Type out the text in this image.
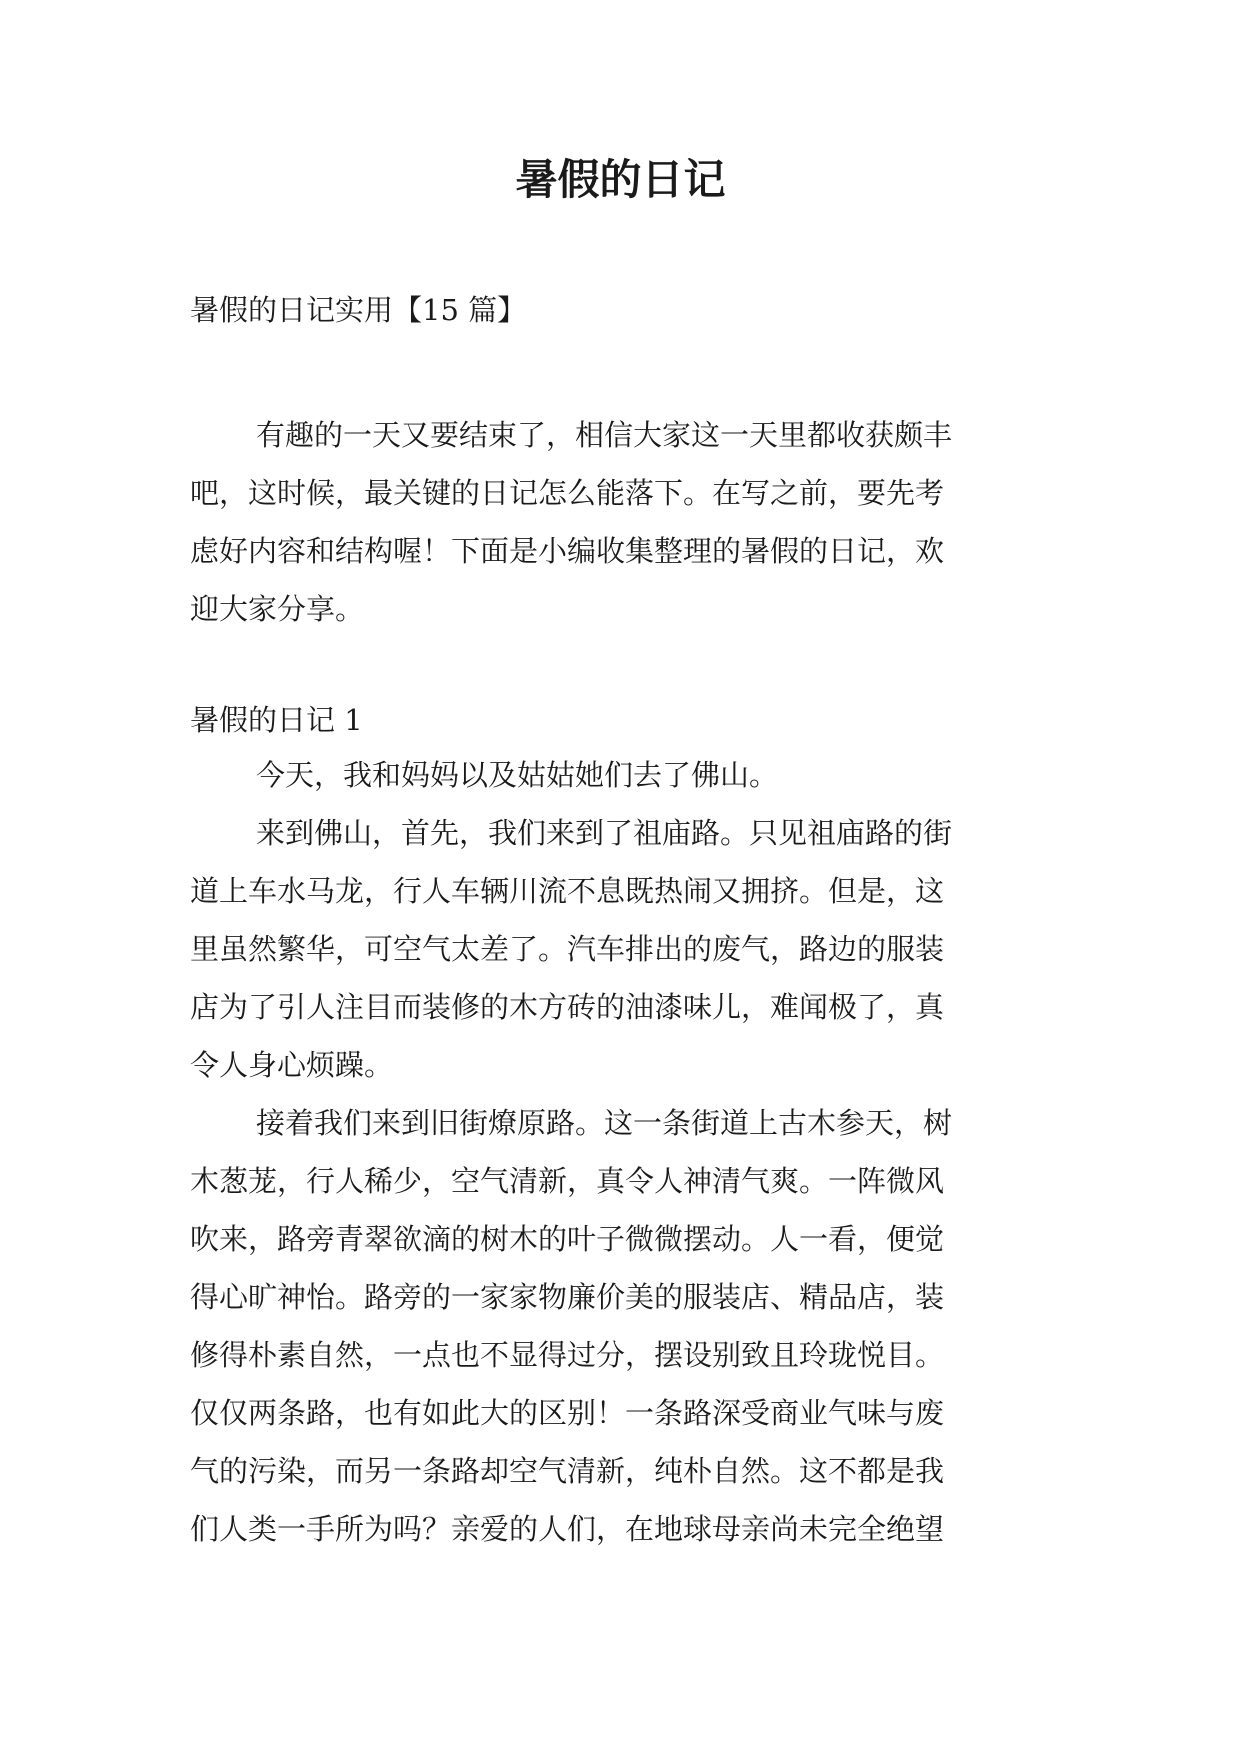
暑假的日记
暑假的日记实用【15 篇】

有趣的一天又要结束了，相信大家这一天里都收获颇丰

吧，这时候，最关键的日记怎么能落下。在写之前，要先考

虑好内容和结构喔！下面是小编收集整理的暑假的日记，欢

迎大家分享。

暑假的日记 1

今天，我和妈妈以及姑姑她们去了佛山。

来到佛山，首先，我们来到了祖庙路。只见祖庙路的街

道上车水马龙，行人车辆川流不息既热闹又拥挤。但是，这

里虽然繁华，可空气太差了。汽车排出的废气，路边的服装

店为了引人注目而装修的木方砖的油漆味儿，难闻极了，真

令人身心烦躁。

接着我们来到旧街燎原路。这一条街道上古木参天，树

木葱茏，行人稀少，空气清新，真令人神清气爽。一阵微风

吹来，路旁青翠欲滴的树木的叶子微微摆动。人一看，便觉

得心旷神怡。路旁的一家家物廉价美的服装店、精品店，装

修得朴素自然，一点也不显得过分，摆设别致且玲珑悦目。

仅仅两条路，也有如此大的区别！一条路深受商业气味与废

气的污染，而另一条路却空气清新，纯朴自然。这不都是我

们人类一手所为吗？亲爱的人们，在地球母亲尚未完全绝望
